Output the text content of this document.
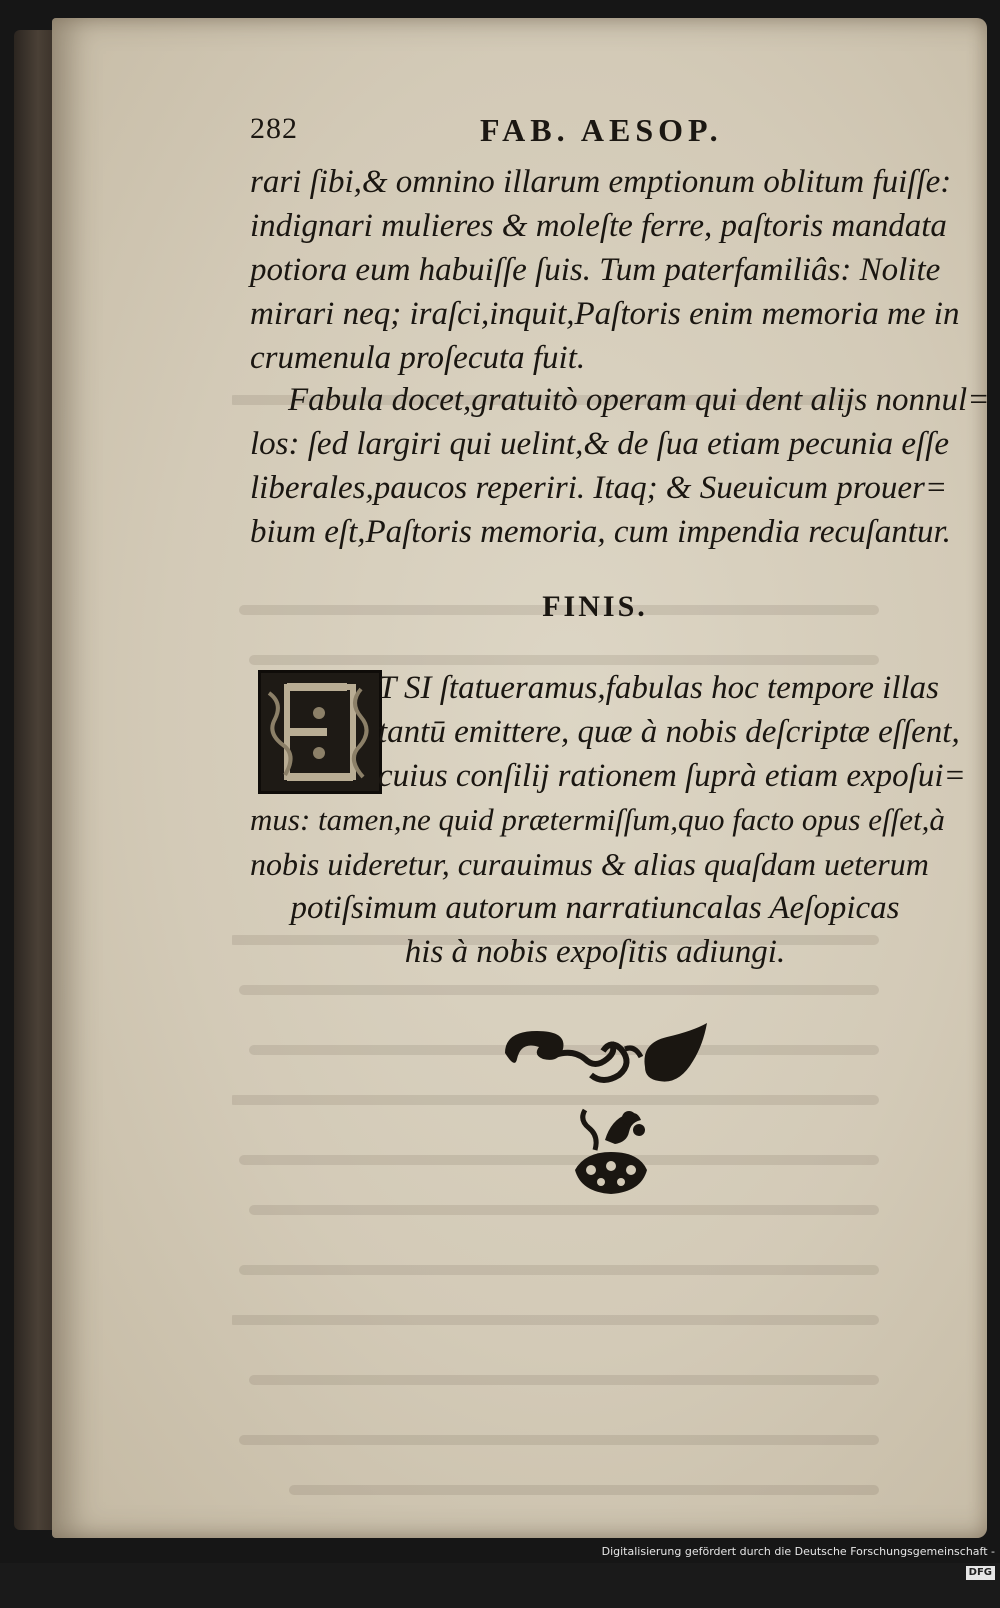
282	FAB. AESOP.
rari ſibi,& omnino illarum emptionum oblitum fuiſſe:
indignari mulieres & moleſte ferre, paſtoris mandata
potiora eum habuiſſe ſuis. Tum paterfamiliâs: Nolite
mirari neq; iraſci,inquit,Paſtoris enim memoria me in
crumenula proſecuta fuit.
Fabula docet,gratuitò operam qui dent alijs nonnul=
los: ſed largiri qui uelint,& de ſua etiam pecunia eſſe
liberales,paucos reperiri. Itaq; & Sueuicum prouer=
bium eſt,Paſtoris memoria, cum impendia recuſantur.
FINIS.
T SI ſtatueramus,fabulas hoc tempore illas
tantū emittere, quæ à nobis deſcriptæ eſſent,
cuius conſilij rationem ſuprà etiam expoſui=
mus: tamen,ne quid prætermiſſum,quo facto opus eſſet,à
nobis uideretur, curauimus & alias quaſdam ueterum
potiſsimum autorum narratiuncalas Aeſopicas
his à nobis expoſitis adiungi.
Digitalisierung gefördert durch die Deutsche Forschungsgemeinschaft - DFG
